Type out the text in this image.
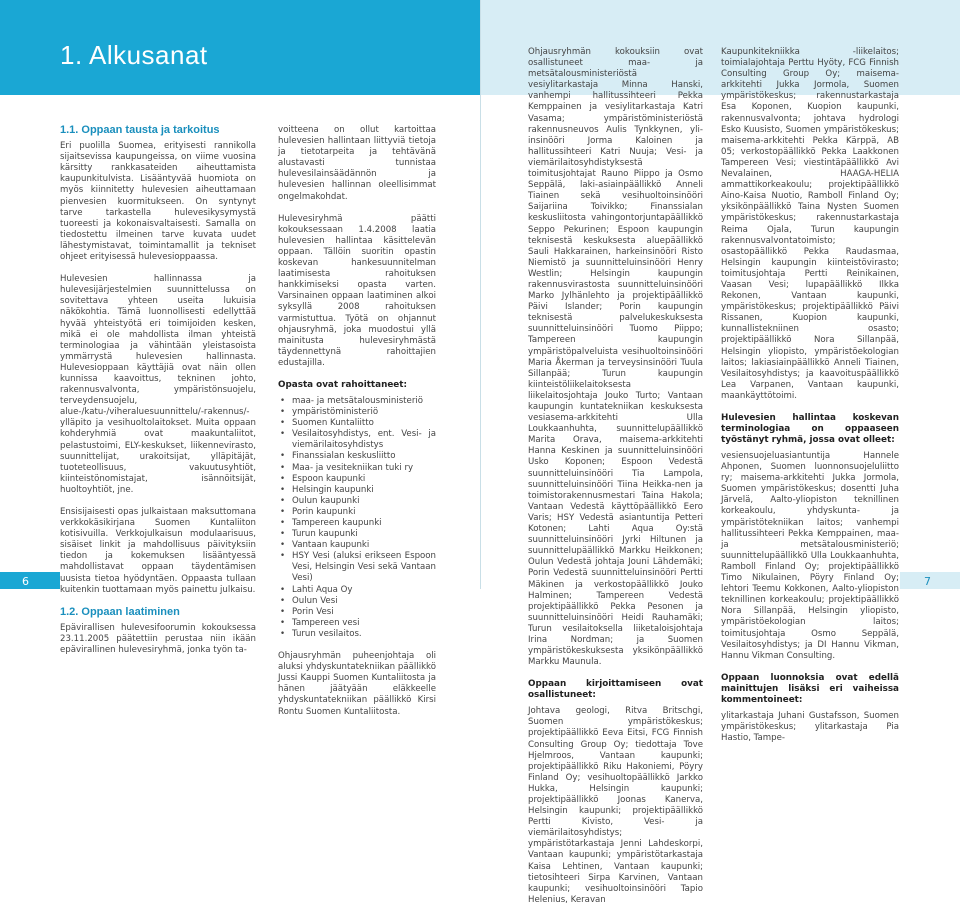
1. Alkusanat
1.1. Oppaan tausta ja tarkoitus

Eri puolilla Suomea, erityisesti rannikolla sijaitsevissa kaupungeissa, on viime vuosina kärsitty rankkasateiden aiheuttamista kaupunkitulvista. Lisääntyvää huomiota on myös kiinnitetty hulevesien aiheuttamaan pienvesien kuormitukseen. On syntynyt tarve tarkastella hulevesikysymystä tuoreesti ja kokonaisvaltaisesti. Samalla on tiedostettu ilmeinen tarve kuvata uudet lähestymistavat, toimintamallit ja tekniset ohjeet erityisessä hulevesioppaassa.

Hulevesien hallinnassa ja hulevesijärjestelmien suunnittelussa on sovitettava yhteen useita lukuisia näkökohtia. Tämä luonnollisesti edellyttää hyvää yhteistyötä eri toimijoiden kesken, mikä ei ole mahdollista ilman yhteistä terminologiaa ja vähintään yleistasoista ymmärrystä hulevesien hallinnasta. Hulevesioppaan käyttäjiä ovat näin ollen kunnissa kaavoittus, tekninen johto, rakennusvalvonta, ympäristönsuojelu, terveydensuojelu, alue-/katu-/viheraluesuunnittelu/-rakennus/-ylläpito ja vesihuoltolaitokset. Muita oppaan kohderyhmiä ovat maakuntaliitot, pelastustoimi, ELY-keskukset, liikennevirasto, suunnittelijat, urakoitsijat, ylläpitäjät, tuoteteollisuus, vakuutusyhtiöt, kiinteistönomistajat, isännöitsijät, huoltoyhtiöt, jne.

Ensisijaisesti opas julkaistaan maksuttomana verkkokäsikirjana Suomen Kuntaliiton kotisivuilla. Verkkojulkaisun modulaarisuus, sisäiset linkit ja mahdollisuus päivityksiin tiedon ja kokemuksen lisääntyessä mahdollistavat oppaan täydentämisen uusista tietoa hyödyntäen. Oppaasta tullaan kuitenkin tuottamaan myös painettu julkaisu.

1.2. Oppaan laatiminen

Epävirallisen hulevesifoorumin kokouksessa 23.11.2005 päätettiin perustaa niin ikään epävirallinen hulevesiryhmä, jonka työn ta-

voitteena on ollut kartoittaa hulevesien hallintaan liittyviä tietoja ja tietotarpeita ja tehtävänä alustavasti tunnistaa hulevesilainsäädännön ja hulevesien hallinnan oleellisimmat ongelmakohdat.

Hulevesiryhmä päätti kokouksessaan 1.4.2008 laatia hulevesien hallintaa käsittelevän oppaan. Tällöin suoritin opastin koskevan hankesuunnitelman laatimisesta rahoituksen hankkimiseksi opasta varten. Varsinainen oppaan laatiminen alkoi syksyllä 2008 rahoituksen varmistuttua. Työtä on ohjannut ohjausryhmä, joka muodostui yllä mainitusta hulevesiryhmästä täydennettynä rahoittajien edustajilla.

Opasta ovat rahoittaneet:
• maa- ja metsätalousministeriö
• ympäristöministeriö
• Suomen Kuntaliitto
• Vesilaitosyhdistys, ent. Vesi- ja viemärilaitosyhdistys
• Finanssialan keskusliitto
• Maa- ja vesitekniikan tuki ry
• Espoon kaupunki
• Helsingin kaupunki
• Oulun kaupunki
• Porin kaupunki
• Tampereen kaupunki
• Turun kaupunki
• Vantaan kaupunki
• HSY Vesi (aluksi erikseen Espoon Vesi, Helsingin Vesi sekä Vantaan Vesi)
• Lahti Aqua Oy
• Oulun Vesi
• Porin Vesi
• Tampereen vesi
• Turun vesilaitos.

Ohjausryhmän puheenjohtaja oli aluksi yhdyskuntatekniikan päällikkö Jussi Kauppi Suomen Kuntaliitosta ja hänen jäätyään eläkkeelle yhdyskuntatekniikan päällikkö Kirsi Rontu Suomen Kuntaliitosta.

Ohjausryhmän kokouksiin ovat osallistuneet maa- ja metsätalousministeriöstä vesiylitarkastaja Minna Hanski, vanhempi hallitussihteeri Pekka Kemppainen ja vesiylitarkastaja Katri Vasama; ympäristöministeriöstä rakennusneuvos Aulis Tynkkynen, yli-insinööri Jorma Kaloinen ja hallitussihteeri Katri Nuuja; Vesi- ja viemärilaitosyhdistyksestä toimitusjohtajat Rauno Piippo ja Osmo Seppälä, laki-asiainpäällikkö Anneli Tiainen sekä vesihuoltoinsinööri Saijariina Toivikko; Finanssialan keskusliitosta vahingontorjuntapäällikkö Seppo Pekurinen; Espoon kaupungin teknisestä keskuksesta aluepäällikkö Sauli Hakkarainen, harkeinsinööri Risto Niemistö ja suunnitteluinsinööri Henry Westlin; Helsingin kaupungin rakennusvirastosta suunnitteluinsinööri Marko Jylhänlehto ja projektipäällikkö Päivi Islander; Porin kaupungin teknisestä palvelukeskuksesta suunnitteluinsinööri Tuomo Piippo; Tampereen kaupungin ympäristöpalveluista vesihuoltoinsinööri Maria Åkerman ja terveysinsinööri Tuula Sillanpää; Turun kaupungin kiinteistöliikelaitoksesta liikelaitosjohtaja Jouko Turto; Vantaan kaupungin kuntatekniikan keskuksesta vesiasema-arkkitehti Ulla Loukkaanhuhta, suunnittelupäällikkö Marita Orava, maisema-arkkitehti Hanna Keskinen ja suunnitteluinsinööri Usko Koponen; Espoon Vedestä suunnitteluinsinööri Tia Lampola, suunnitteluinsinööri Tiina Heikka-nen ja toimistorakennusmestari Taina Hakola; Vantaan Vedestä käyttöpäällikkö Eero Varis; HSY Vedestä asiantuntija Petteri Kotonen; Lahti Aqua Oy:stä suunnitteluinsinööri Jyrki Hiltunen ja suunnittelupäällikkö Markku Heikkonen; Oulun Vedestä johtaja Jouni Lähdemäki; Porin Vedestä suunnitteluinsinööri Pertti Mäkinen ja verkostopäällikkö Jouko Halminen; Tampereen Vedestä projektipäällikkö Pekka Pesonen ja suunnitteluinsinööri Heidi Rauhamäki; Turun vesilaitoksella liiketaloisjohtaja Irina Nordman; ja Suomen ympäristökeskuksesta yksikönpäällikkö Markku Maunula.

Oppaan kirjoittamiseen ovat osallistuneet:

Johtava geologi, Ritva Britschgi, Suomen ympäristökeskus; projektipäällikkö Eeva Eitsi, FCG Finnish Consulting Group Oy; tiedottaja Tove Hjelmroos, Vantaan kaupunki; projektipäällikkö Riku Hakoniemi, Pöyry Finland Oy; vesihuoltopäällikkö Jarkko Hukka, Helsingin kaupunki; projektipäällikkö Joonas Kanerva, Helsingin kaupunki; projektipäällikkö Pertti Kivisto, Vesi- ja viemärilaitosyhdistys; ympäristötarkastaja Jenni Lahdeskorpi, Vantaan kaupunki; ympäristötarkastaja Kaisa Lehtinen, Vantaan kaupunki; tietosihteeri Sirpa Karvinen, Vantaan kaupunki; vesihuoltoinsinööri Tapio Helenius, Keravan

Kaupunkitekniikka -liikelaitos; toimialajohtaja Perttu Hyöty, FCG Finnish Consulting Group Oy; maisema-arkkitehti Jukka Jormola, Suomen ympäristökeskus; rakennustarkastaja Esa Koponen, Kuopion kaupunki, rakennusvalvonta; johtava hydrologi Esko Kuusisto, Suomen ympäristökeskus; maisema-arkkitehti Pekka Kärppä, AB 05; verkostopäällikkö Pekka Laakkonen Tampereen Vesi; viestintäpäällikkö Avi Nevalainen, HAAGA-HELIA ammattikorkeakoulu; projektipäällikkö Aino-Kaisa Nuotio, Ramboll Finland Oy; yksikönpäällikkö Taina Nysten Suomen ympäristökeskus; rakennustarkastaja Reima Ojala, Turun kaupungin rakennusvalvontatoimisto; osastopäällikkö Pekka Raudasmaa, Helsingin kaupungin kiinteistövirasto; toimitusjohtaja Pertti Reinikainen, Vaasan Vesi; lupapäällikkö Ilkka Rekonen, Vantaan kaupunki, ympäristökeskus; projektipäällikkö Päivi Rissanen, Kuopion kaupunki, kunnallistekniinen osasto; projektipäällikkö Nora Sillanpää, Helsingin yliopisto, ympäristöekologian laitos; lakiasiainpäällikkö Anneli Tiainen, Vesilaitosyhdistys; ja kaavoituspäällikkö Lea Varpanen, Vantaan kaupunki, maankäyttötoimi.

Hulevesien hallintaa koskevan terminologiaa on oppaaseen työstänyt ryhmä, jossa ovat olleet:

vesiensuojeluasiantuntija Hannele Ahponen, Suomen luonnonsuojeluliitto ry; maisema-arkkitehti Jukka Jormola, Suomen ympäristökeskus; dosentti Juha Järvelä, Aalto-yliopiston teknillinen korkeakoulu, yhdyskunta- ja ympäristötekniikan laitos; vanhempi hallitussihteeri Pekka Kemppainen, maa- ja metsätalousministeriö; suunnittelupäällikkö Ulla Loukkaanhuhta, Ramboll Finland Oy; projektipäällikkö Timo Nikulainen, Pöyry Finland Oy; lehtori Teemu Kokkonen, Aalto-yliopiston teknillinen korkeakoulu; projektipäällikkö Nora Sillanpää, Helsingin yliopisto, ympäristöekologian laitos; toimitusjohtaja Osmo Seppälä, Vesilaitosyhdistys; ja DI Hannu Vikman, Hannu Vikman Consulting.

Oppaan luonnoksia ovat edellä mainittujen lisäksi eri vaiheissa kommentoineet:

ylitarkastaja Juhani Gustafsson, Suomen ympäristökeskus; ylitarkastaja Pia Hastio, Tampe-

6	7
